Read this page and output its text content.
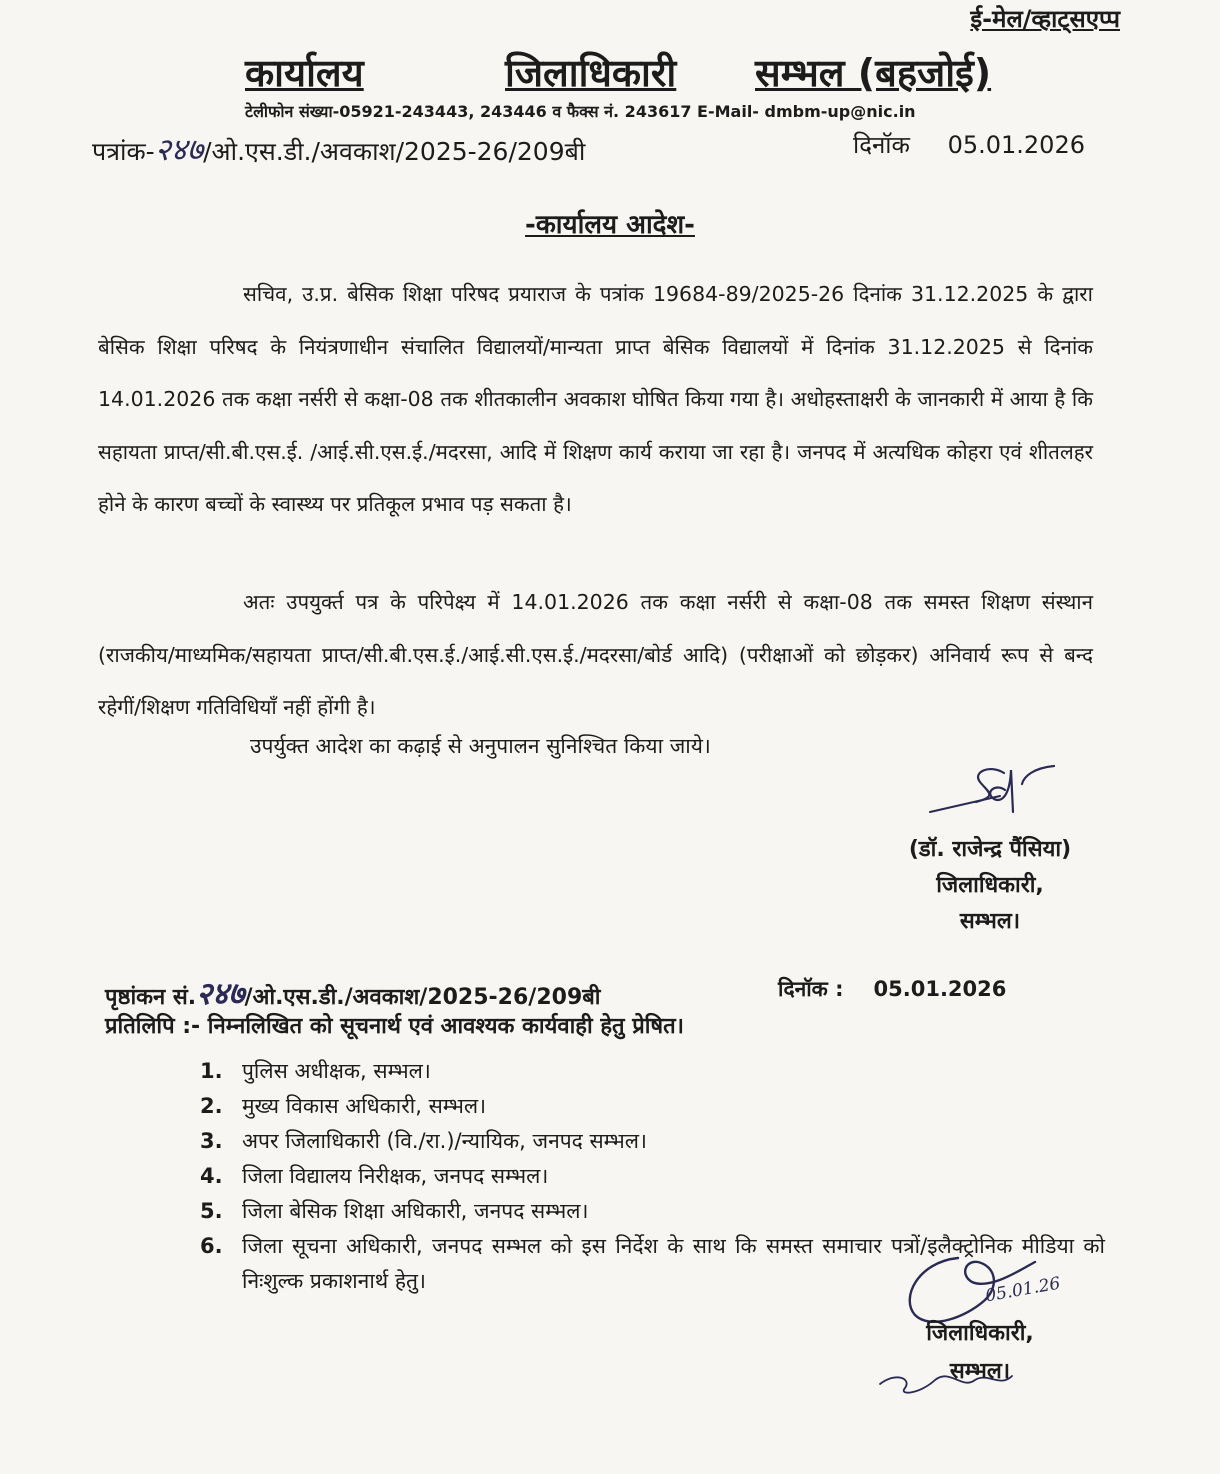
ई-मेल/व्हाट्सएप्प
कार्यालय	जिलाधिकारी सम्भल (बहजोई)
टेलीफोन संख्या-05921-243443, 243446 व फैक्स नं. 243617 E-Mail- dmbm-up@nic.in
पत्रांक-२४७/ओ.एस.डी./अवकाश/2025-26/209बी	दिनॉक 05.01.2026
-कार्यालय आदेश-
सचिव, उ.प्र. बेसिक शिक्षा परिषद प्रयाराज के पत्रांक 19684-89/2025-26 दिनांक 31.12.2025 के द्वारा बेसिक शिक्षा परिषद के नियंत्रणाधीन संचालित विद्यालयों/मान्यता प्राप्त बेसिक विद्यालयों में दिनांक 31.12.2025 से दिनांक 14.01.2026 तक कक्षा नर्सरी से कक्षा-08 तक शीतकालीन अवकाश घोषित किया गया है। अधोहस्ताक्षरी के जानकारी में आया है कि सहायता प्राप्त/सी.बी.एस.ई. /आई.सी.एस.ई./मदरसा, आदि में शिक्षण कार्य कराया जा रहा है। जनपद में अत्यधिक कोहरा एवं शीतलहर होने के कारण बच्चों के स्वास्थ्य पर प्रतिकूल प्रभाव पड़ सकता है।
अतः उपयुर्क्त पत्र के परिपेक्ष्य में 14.01.2026 तक कक्षा नर्सरी से कक्षा-08 तक समस्त शिक्षण संस्थान (राजकीय/माध्यमिक/सहायता प्राप्त/सी.बी.एस.ई./आई.सी.एस.ई./मदरसा/बोर्ड आदि) (परीक्षाओं को छोड़कर) अनिवार्य रूप से बन्द रहेगीं/शिक्षण गतिविधियॉं नहीं होंगी है।
उपर्युक्त आदेश का कढ़ाई से अनुपालन सुनिश्चित किया जाये।
(डॉ. राजेन्द्र पैंसिया)
जिलाधिकारी,
सम्भल।
पृष्ठांकन सं.२४७/ओ.एस.डी./अवकाश/2025-26/209बी	दिनॉक : 05.01.2026
प्रतिलिपि :- निम्नलिखित को सूचनार्थ एवं आवश्यक कार्यवाही हेतु प्रेषित।
1. पुलिस अधीक्षक, सम्भल।
2. मुख्य विकास अधिकारी, सम्भल।
3. अपर जिलाधिकारी (वि./रा.)/न्यायिक, जनपद सम्भल।
4. जिला विद्यालय निरीक्षक, जनपद सम्भल।
5. जिला बेसिक शिक्षा अधिकारी, जनपद सम्भल।
6. जिला सूचना अधिकारी, जनपद सम्भल को इस निर्देश के साथ कि समस्त समाचार पत्रों/इलैक्ट्रोनिक मीडिया को निःशुल्क प्रकाशनार्थ हेतु।	05.01.26
जिलाधिकारी,
सम्भल।
